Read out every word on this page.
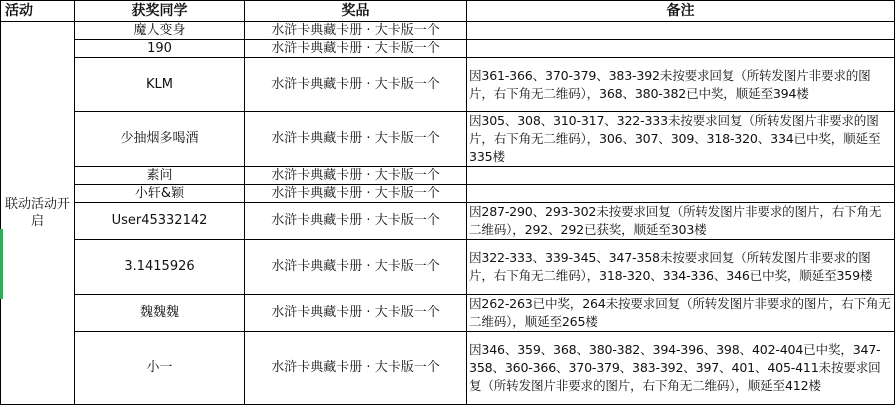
活动	获奖同学	奖品	备注
联动活动开启	魔人变身	水浒卡典藏卡册 · 大卡版一个	
	190	水浒卡典藏卡册 · 大卡版一个	
	KLM	水浒卡典藏卡册 · 大卡版一个	因361-366、370-379、383-392未按要求回复（所转发图片非要求的图片，右下角无二维码），368、380-382已中奖，顺延至394楼
	少抽烟多喝酒	水浒卡典藏卡册 · 大卡版一个	因305、308、310-317、322-333未按要求回复（所转发图片非要求的图片，右下角无二维码），306、307、309、318-320、334已中奖，顺延至335楼
	素问	水浒卡典藏卡册 · 大卡版一个	
	小轩&颖	水浒卡典藏卡册 · 大卡版一个	
	User45332142	水浒卡典藏卡册 · 大卡版一个	因287-290、293-302未按要求回复（所转发图片非要求的图片，右下角无二维码），292、292已获奖，顺延至303楼
	3.1415926	水浒卡典藏卡册 · 大卡版一个	因322-333、339-345、347-358未按要求回复（所转发图片非要求的图片，右下角无二维码），318-320、334-336、346已中奖，顺延至359楼
	魏魏魏	水浒卡典藏卡册 · 大卡版一个	因262-263已中奖，264未按要求回复（所转发图片非要求的图片，右下角无二维码），顺延至265楼
	小一	水浒卡典藏卡册 · 大卡版一个	因346、359、368、380-382、394-396、398、402-404已中奖，347-358、360-366、370-379、383-392、397、401、405-411未按要求回复（所转发图片非要求的图片，右下角无二维码），顺延至412楼
